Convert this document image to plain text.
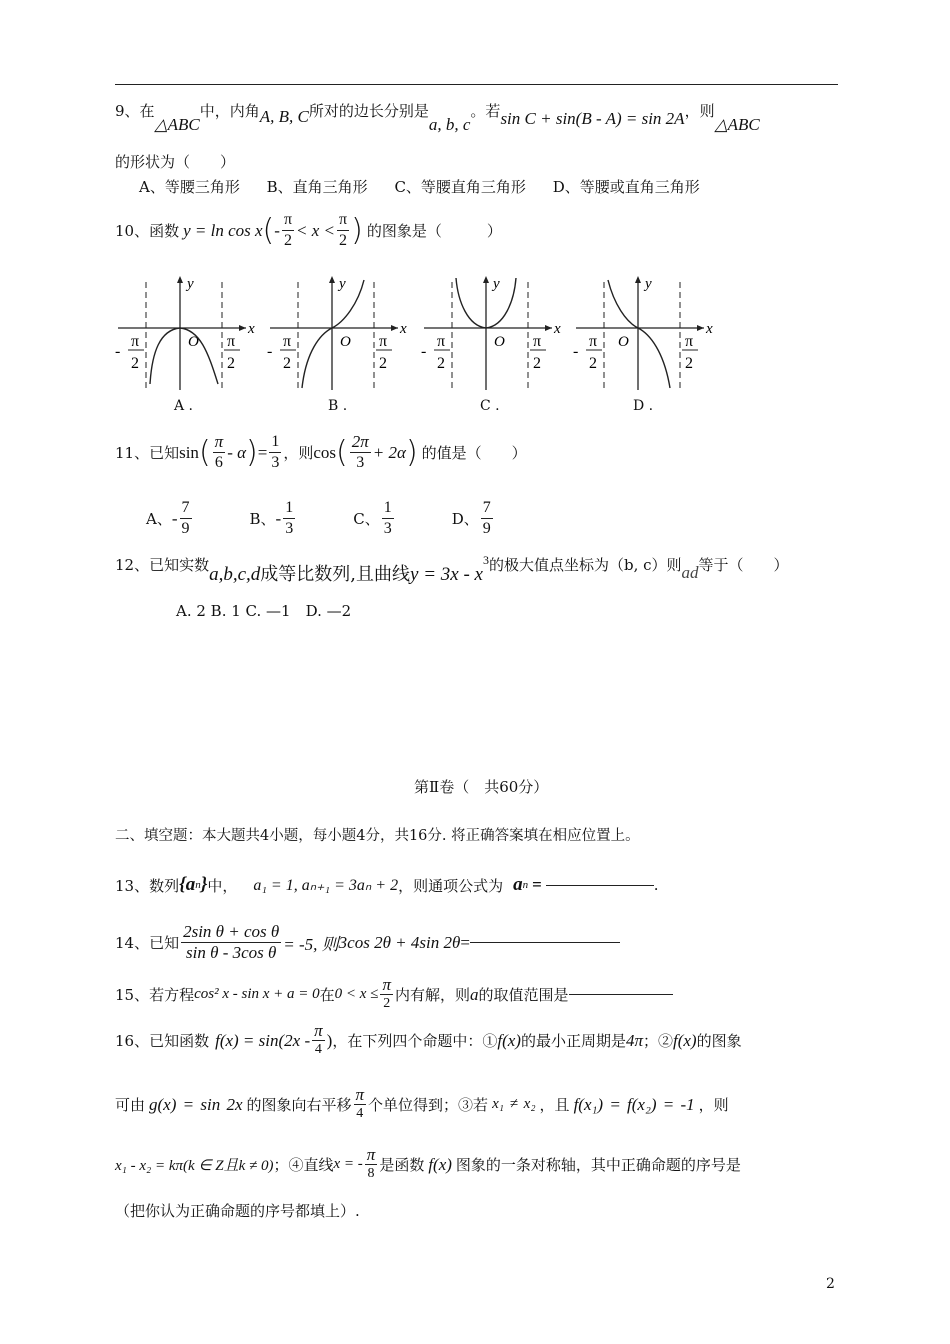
9、在△ABC中，内角A, B, C所对的边长分别是a, b, c。若sin C + sin(B - A) = sin 2A，则△ABC
的形状为（　　）
A、等腰三角形 B、直角三角形 C、等腰直角三角形 D、等腰或直角三角形
10、函数 y = ln cos x ( - $\frac{\pi}{2} < x < \frac{\pi}{2}$ ) 的图象是（　　　）
x
y
O
-
π
2
π
2
x
y
O
-
π
2
π
2
x
y
O
-
π
2
π
2
x
y
O
-
π
2
π
2
A .	B .	C .	D .
11、已知 sin ( $\frac{\pi}{6}$ - α ) = $\frac{1}{3}$ ，则 cos ( $\frac{2\pi}{3} + 2\alpha$ ) 的值是（　　）
A、 - $\frac{7}{9}$	B、 - $\frac{1}{3}$	C、 $\frac{1}{3}$	D、 $\frac{7}{9}$
12、已知实数a,b,c,d成等比数列,且曲线$y = 3x - x^3$的极大值点坐标为（b, c）则ad等于（　　）
A. 2 B. 1 C. —1　D. —2
第Ⅱ卷（　共60分）
二、填空题：本大题共4小题，每小题4分，共16分. 将正确答案填在相应位置上。
13、数列 {a n } 中， a₁ = 1, aₙ₊₁ = 3aₙ + 2 ，则通项公式为 a n =	.
14、已知 $\frac{\text{2sin θ + cos θ}}{\text{sin θ - 3cos θ}} = -5$, 则 3cos 2θ + 4sin 2θ =
15、若方程 cos² x - sin x + a = 0 在 $0 < x \le \frac{\pi}{2}$ 内有解，则 a 的取值范围是
16、已知函数 $f(x) = \sin(2x - \frac{\pi}{4}$ ) ，在下列四个命题中：① f(x) 的最小正周期是 4π ；② f(x) 的图象
可由 g(x) = sin 2x 的图象向右平移 $\frac{\pi}{4}$ 个单位得到；③若 x₁ ≠ x₂ ，且 f(x₁) = f(x₂) = -1 ，则
x₁ - x₂ = kπ(k ∈ Z且k ≠ 0) ；④直线 x = - $\frac{\pi}{8}$ 是函数 f(x) 图象的一条对称轴，其中正确命题的序号是
（把你认为正确命题的序号都填上）.
2
